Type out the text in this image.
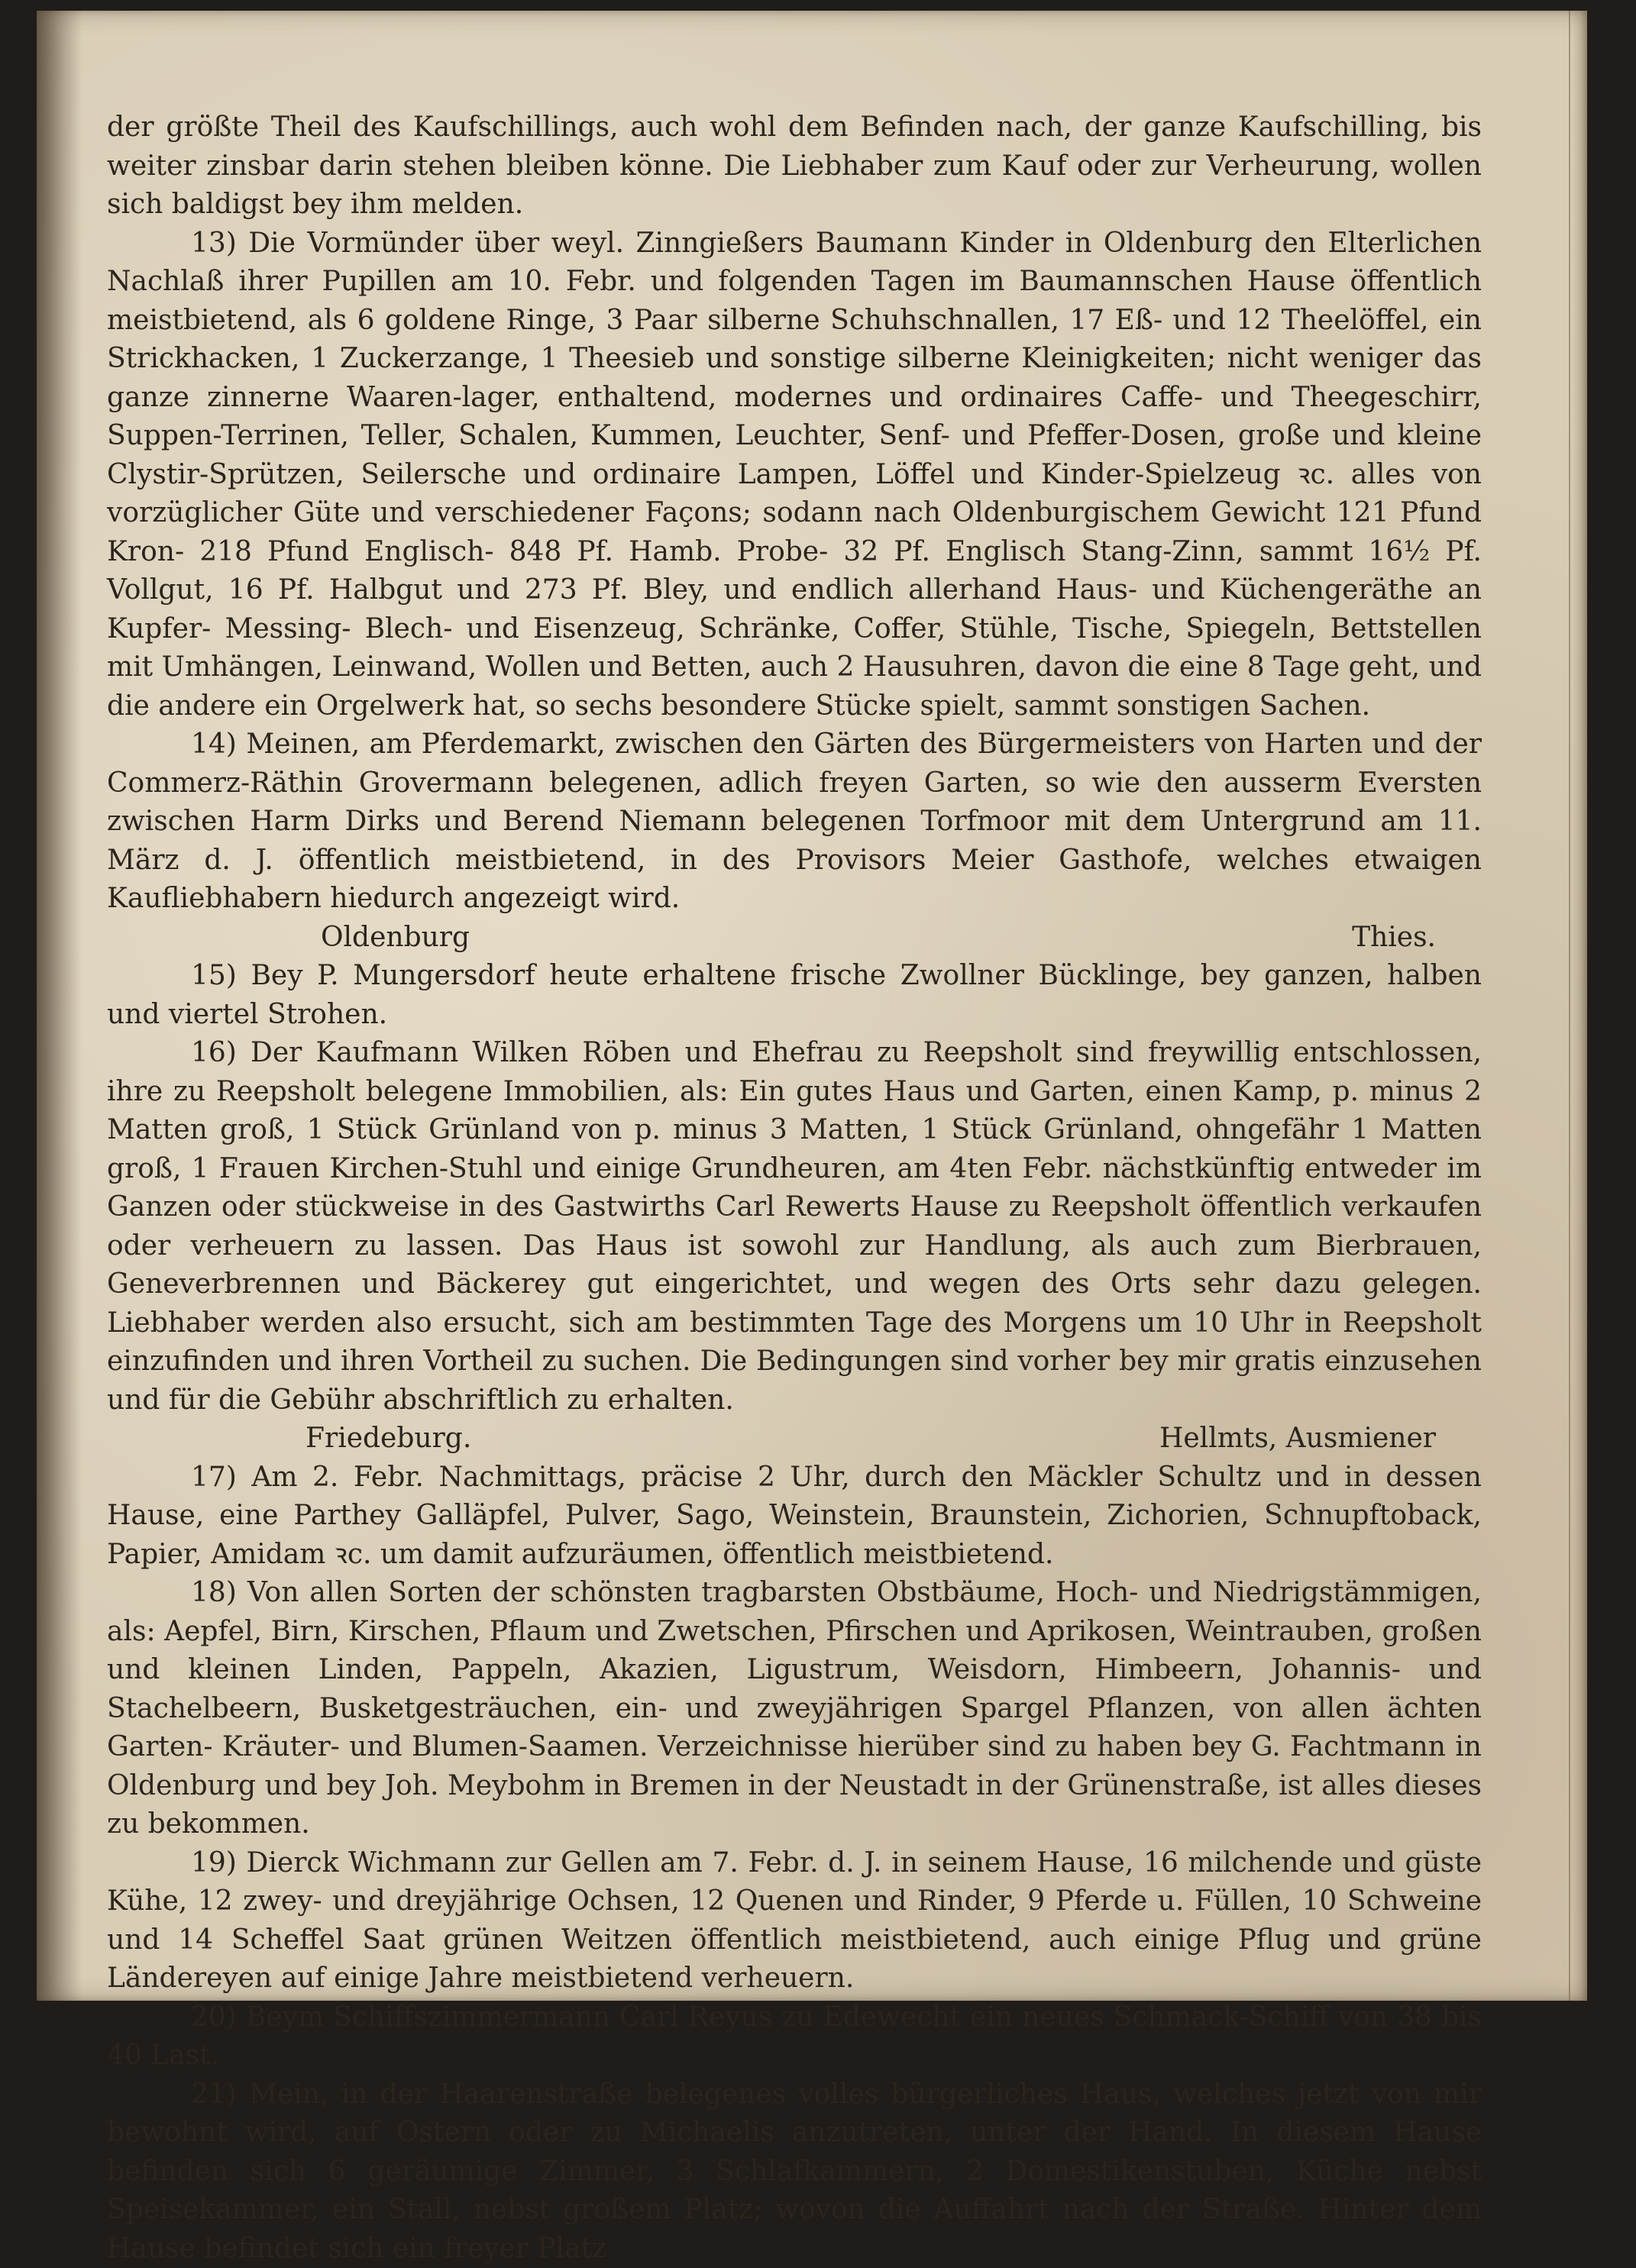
der größte Theil des Kaufschillings, auch wohl dem Befinden nach, der ganze Kaufschilling, bis weiter zinsbar darin stehen bleiben könne. Die Liebhaber zum Kauf oder zur Verheurung, wollen sich baldigst bey ihm melden.

13) Die Vormünder über weyl. Zinngießers Baumann Kinder in Oldenburg den Elterlichen Nachlaß ihrer Pupillen am 10. Febr. und folgenden Tagen im Baumannschen Hause öffentlich meistbietend, als 6 goldene Ringe, 3 Paar silberne Schuhschnallen, 17 Eß- und 12 Theelöffel, ein Strickhacken, 1 Zuckerzange, 1 Theesieb und sonstige silberne Kleinigkeiten; nicht weniger das ganze zinnerne Waaren-lager, enthaltend, modernes und ordinaires Caffe- und Theegeschirr, Suppen-Terrinen, Teller, Schalen, Kummen, Leuchter, Senf- und Pfeffer-Dosen, große und kleine Clystir-Sprützen, Seilersche und ordinaire Lampen, Löffel und Kinder-Spielzeug ꝛc. alles von vorzüglicher Güte und verschiedener Façons; sodann nach Oldenburgischem Gewicht 121 Pfund Kron- 218 Pfund Englisch- 848 Pf. Hamb. Probe- 32 Pf. Englisch Stang-Zinn, sammt 16½ Pf. Vollgut, 16 Pf. Halbgut und 273 Pf. Bley, und endlich allerhand Haus- und Küchengeräthe an Kupfer- Messing- Blech- und Eisenzeug, Schränke, Coffer, Stühle, Tische, Spiegeln, Bettstellen mit Umhängen, Leinwand, Wollen und Betten, auch 2 Hausuhren, davon die eine 8 Tage geht, und die andere ein Orgelwerk hat, so sechs besondere Stücke spielt, sammt sonstigen Sachen.

14) Meinen, am Pferdemarkt, zwischen den Gärten des Bürgermeisters von Harten und der Commerz-Räthin Grovermann belegenen, adlich freyen Garten, so wie den ausserm Eversten zwischen Harm Dirks und Berend Niemann belegenen Torfmoor mit dem Untergrund am 11. März d. J. öffentlich meistbietend, in des Provisors Meier Gasthofe, welches etwaigen Kaufliebhabern hiedurch angezeigt wird.

Oldenburg	Thies.

15) Bey P. Mungersdorf heute erhaltene frische Zwollner Bücklinge, bey ganzen, halben und viertel Strohen.

16) Der Kaufmann Wilken Röben und Ehefrau zu Reepsholt sind freywillig entschlossen, ihre zu Reepsholt belegene Immobilien, als: Ein gutes Haus und Garten, einen Kamp, p. minus 2 Matten groß, 1 Stück Grünland von p. minus 3 Matten, 1 Stück Grünland, ohngefähr 1 Matten groß, 1 Frauen Kirchen-Stuhl und einige Grundheuren, am 4ten Febr. nächstkünftig entweder im Ganzen oder stückweise in des Gastwirths Carl Rewerts Hause zu Reepsholt öffentlich verkaufen oder verheuern zu lassen. Das Haus ist sowohl zur Handlung, als auch zum Bierbrauen, Geneverbrennen und Bäckerey gut eingerichtet, und wegen des Orts sehr dazu gelegen. Liebhaber werden also ersucht, sich am bestimmten Tage des Morgens um 10 Uhr in Reepsholt einzufinden und ihren Vortheil zu suchen. Die Bedingungen sind vorher bey mir gratis einzusehen und für die Gebühr abschriftlich zu erhalten.

Friedeburg.	Hellmts, Ausmiener

17) Am 2. Febr. Nachmittags, präcise 2 Uhr, durch den Mäckler Schultz und in dessen Hause, eine Parthey Galläpfel, Pulver, Sago, Weinstein, Braunstein, Zichorien, Schnupftoback, Papier, Amidam ꝛc. um damit aufzuräumen, öffentlich meistbietend.

18) Von allen Sorten der schönsten tragbarsten Obstbäume, Hoch- und Niedrigstämmigen, als: Aepfel, Birn, Kirschen, Pflaum und Zwetschen, Pfirschen und Aprikosen, Weintrauben, großen und kleinen Linden, Pappeln, Akazien, Ligustrum, Weisdorn, Himbeern, Johannis- und Stachelbeern, Busketgesträuchen, ein- und zweyjährigen Spargel Pflanzen, von allen ächten Garten- Kräuter- und Blumen-Saamen. Verzeichnisse hierüber sind zu haben bey G. Fachtmann in Oldenburg und bey Joh. Meybohm in Bremen in der Neustadt in der Grünenstraße, ist alles dieses zu bekommen.

19) Dierck Wichmann zur Gellen am 7. Febr. d. J. in seinem Hause, 16 milchende und güste Kühe, 12 zwey- und dreyjährige Ochsen, 12 Quenen und Rinder, 9 Pferde u. Füllen, 10 Schweine und 14 Scheffel Saat grünen Weitzen öffentlich meistbietend, auch einige Pflug und grüne Ländereyen auf einige Jahre meistbietend verheuern.

20) Beym Schiffszimmermann Carl Reyus zu Edewecht ein neues Schmack-Schiff von 38 bis 40 Last.

21) Mein, in der Haarenstraße belegenes volles bürgerliches Haus, welches jetzt von mir bewohnt wird, auf Ostern oder zu Michaelis anzutreten, unter der Hand. In diesem Hause befinden sich 6 geräumige Zimmer, 3 Schlafkammern, 2 Domestikenstuben, Küche nebst Speisekammer, ein Stall, nebst großem Platz; wovon die Auffahrt nach der Straße. Hinter dem Hause befindet sich ein freyer Platz
